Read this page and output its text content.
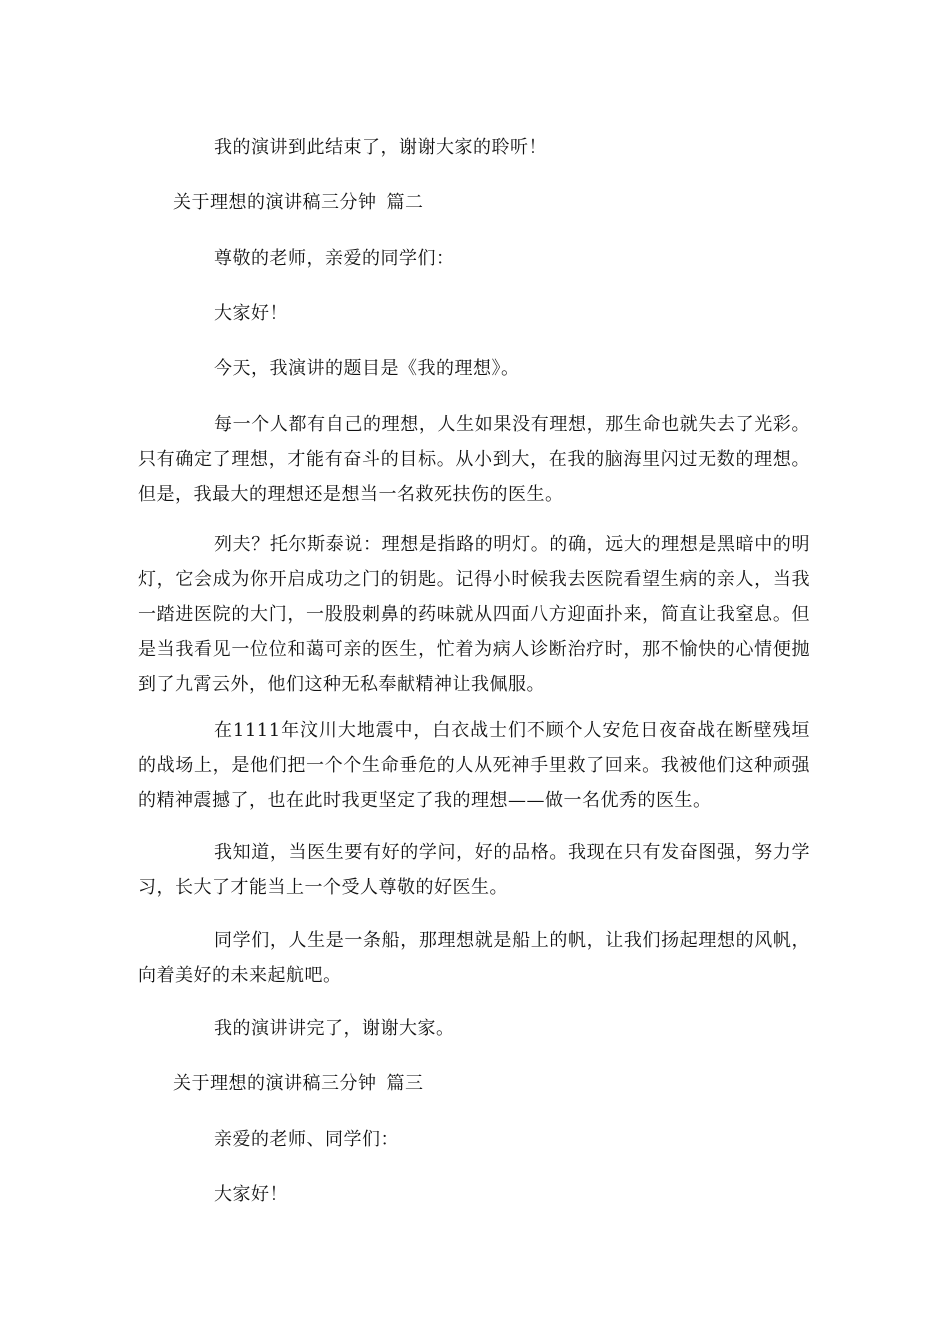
我的演讲到此结束了，谢谢大家的聆听！

关于理想的演讲稿三分钟 篇二

尊敬的老师，亲爱的同学们：

大家好！

今天，我演讲的题目是《我的理想》。

每一个人都有自己的理想，人生如果没有理想，那生命也就失去了光彩。只有确定了理想，才能有奋斗的目标。从小到大，在我的脑海里闪过无数的理想。但是，我最大的理想还是想当一名救死扶伤的医生。

列夫？托尔斯泰说：理想是指路的明灯。的确，远大的理想是黑暗中的明灯，它会成为你开启成功之门的钥匙。记得小时候我去医院看望生病的亲人，当我一踏进医院的大门，一股股刺鼻的药味就从四面八方迎面扑来，简直让我窒息。但是当我看见一位位和蔼可亲的医生，忙着为病人诊断治疗时，那不愉快的心情便抛到了九霄云外，他们这种无私奉献精神让我佩服。

在1111年汶川大地震中，白衣战士们不顾个人安危日夜奋战在断壁残垣的战场上，是他们把一个个生命垂危的人从死神手里救了回来。我被他们这种顽强的精神震撼了，也在此时我更坚定了我的理想——做一名优秀的医生。

我知道，当医生要有好的学问，好的品格。我现在只有发奋图强，努力学习，长大了才能当上一个受人尊敬的好医生。

同学们，人生是一条船，那理想就是船上的帆，让我们扬起理想的风帆，向着美好的未来起航吧。

我的演讲讲完了，谢谢大家。

关于理想的演讲稿三分钟 篇三

亲爱的老师、同学们：

大家好！
